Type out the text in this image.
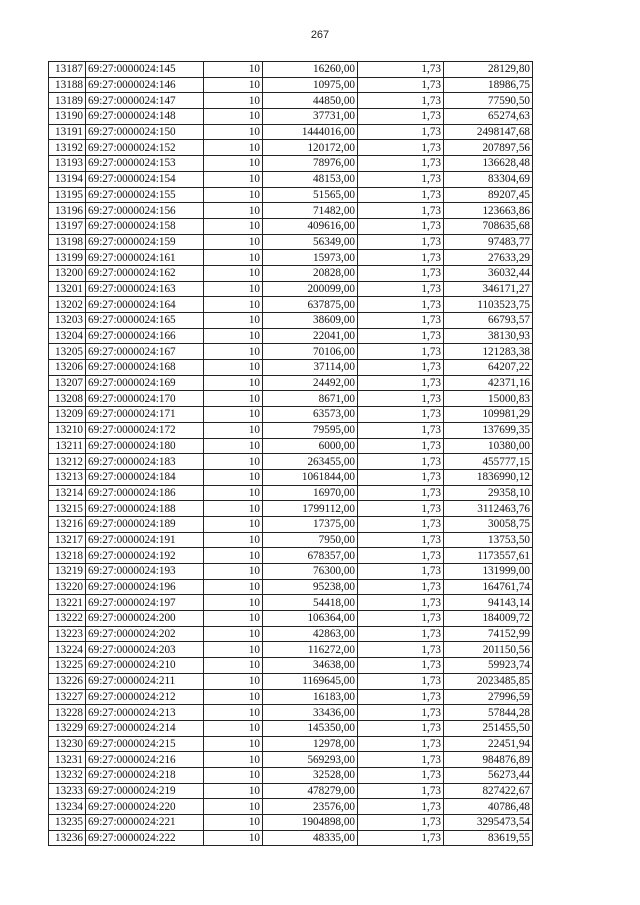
267
13187	69:27:0000024:145	10	16260,00	1,73	28129,80
13188	69:27:0000024:146	10	10975,00	1,73	18986,75
13189	69:27:0000024:147	10	44850,00	1,73	77590,50
13190	69:27:0000024:148	10	37731,00	1,73	65274,63
13191	69:27:0000024:150	10	1444016,00	1,73	2498147,68
13192	69:27:0000024:152	10	120172,00	1,73	207897,56
13193	69:27:0000024:153	10	78976,00	1,73	136628,48
13194	69:27:0000024:154	10	48153,00	1,73	83304,69
13195	69:27:0000024:155	10	51565,00	1,73	89207,45
13196	69:27:0000024:156	10	71482,00	1,73	123663,86
13197	69:27:0000024:158	10	409616,00	1,73	708635,68
13198	69:27:0000024:159	10	56349,00	1,73	97483,77
13199	69:27:0000024:161	10	15973,00	1,73	27633,29
13200	69:27:0000024:162	10	20828,00	1,73	36032,44
13201	69:27:0000024:163	10	200099,00	1,73	346171,27
13202	69:27:0000024:164	10	637875,00	1,73	1103523,75
13203	69:27:0000024:165	10	38609,00	1,73	66793,57
13204	69:27:0000024:166	10	22041,00	1,73	38130,93
13205	69:27:0000024:167	10	70106,00	1,73	121283,38
13206	69:27:0000024:168	10	37114,00	1,73	64207,22
13207	69:27:0000024:169	10	24492,00	1,73	42371,16
13208	69:27:0000024:170	10	8671,00	1,73	15000,83
13209	69:27:0000024:171	10	63573,00	1,73	109981,29
13210	69:27:0000024:172	10	79595,00	1,73	137699,35
13211	69:27:0000024:180	10	6000,00	1,73	10380,00
13212	69:27:0000024:183	10	263455,00	1,73	455777,15
13213	69:27:0000024:184	10	1061844,00	1,73	1836990,12
13214	69:27:0000024:186	10	16970,00	1,73	29358,10
13215	69:27:0000024:188	10	1799112,00	1,73	3112463,76
13216	69:27:0000024:189	10	17375,00	1,73	30058,75
13217	69:27:0000024:191	10	7950,00	1,73	13753,50
13218	69:27:0000024:192	10	678357,00	1,73	1173557,61
13219	69:27:0000024:193	10	76300,00	1,73	131999,00
13220	69:27:0000024:196	10	95238,00	1,73	164761,74
13221	69:27:0000024:197	10	54418,00	1,73	94143,14
13222	69:27:0000024:200	10	106364,00	1,73	184009,72
13223	69:27:0000024:202	10	42863,00	1,73	74152,99
13224	69:27:0000024:203	10	116272,00	1,73	201150,56
13225	69:27:0000024:210	10	34638,00	1,73	59923,74
13226	69:27:0000024:211	10	1169645,00	1,73	2023485,85
13227	69:27:0000024:212	10	16183,00	1,73	27996,59
13228	69:27:0000024:213	10	33436,00	1,73	57844,28
13229	69:27:0000024:214	10	145350,00	1,73	251455,50
13230	69:27:0000024:215	10	12978,00	1,73	22451,94
13231	69:27:0000024:216	10	569293,00	1,73	984876,89
13232	69:27:0000024:218	10	32528,00	1,73	56273,44
13233	69:27:0000024:219	10	478279,00	1,73	827422,67
13234	69:27:0000024:220	10	23576,00	1,73	40786,48
13235	69:27:0000024:221	10	1904898,00	1,73	3295473,54
13236	69:27:0000024:222	10	48335,00	1,73	83619,55
